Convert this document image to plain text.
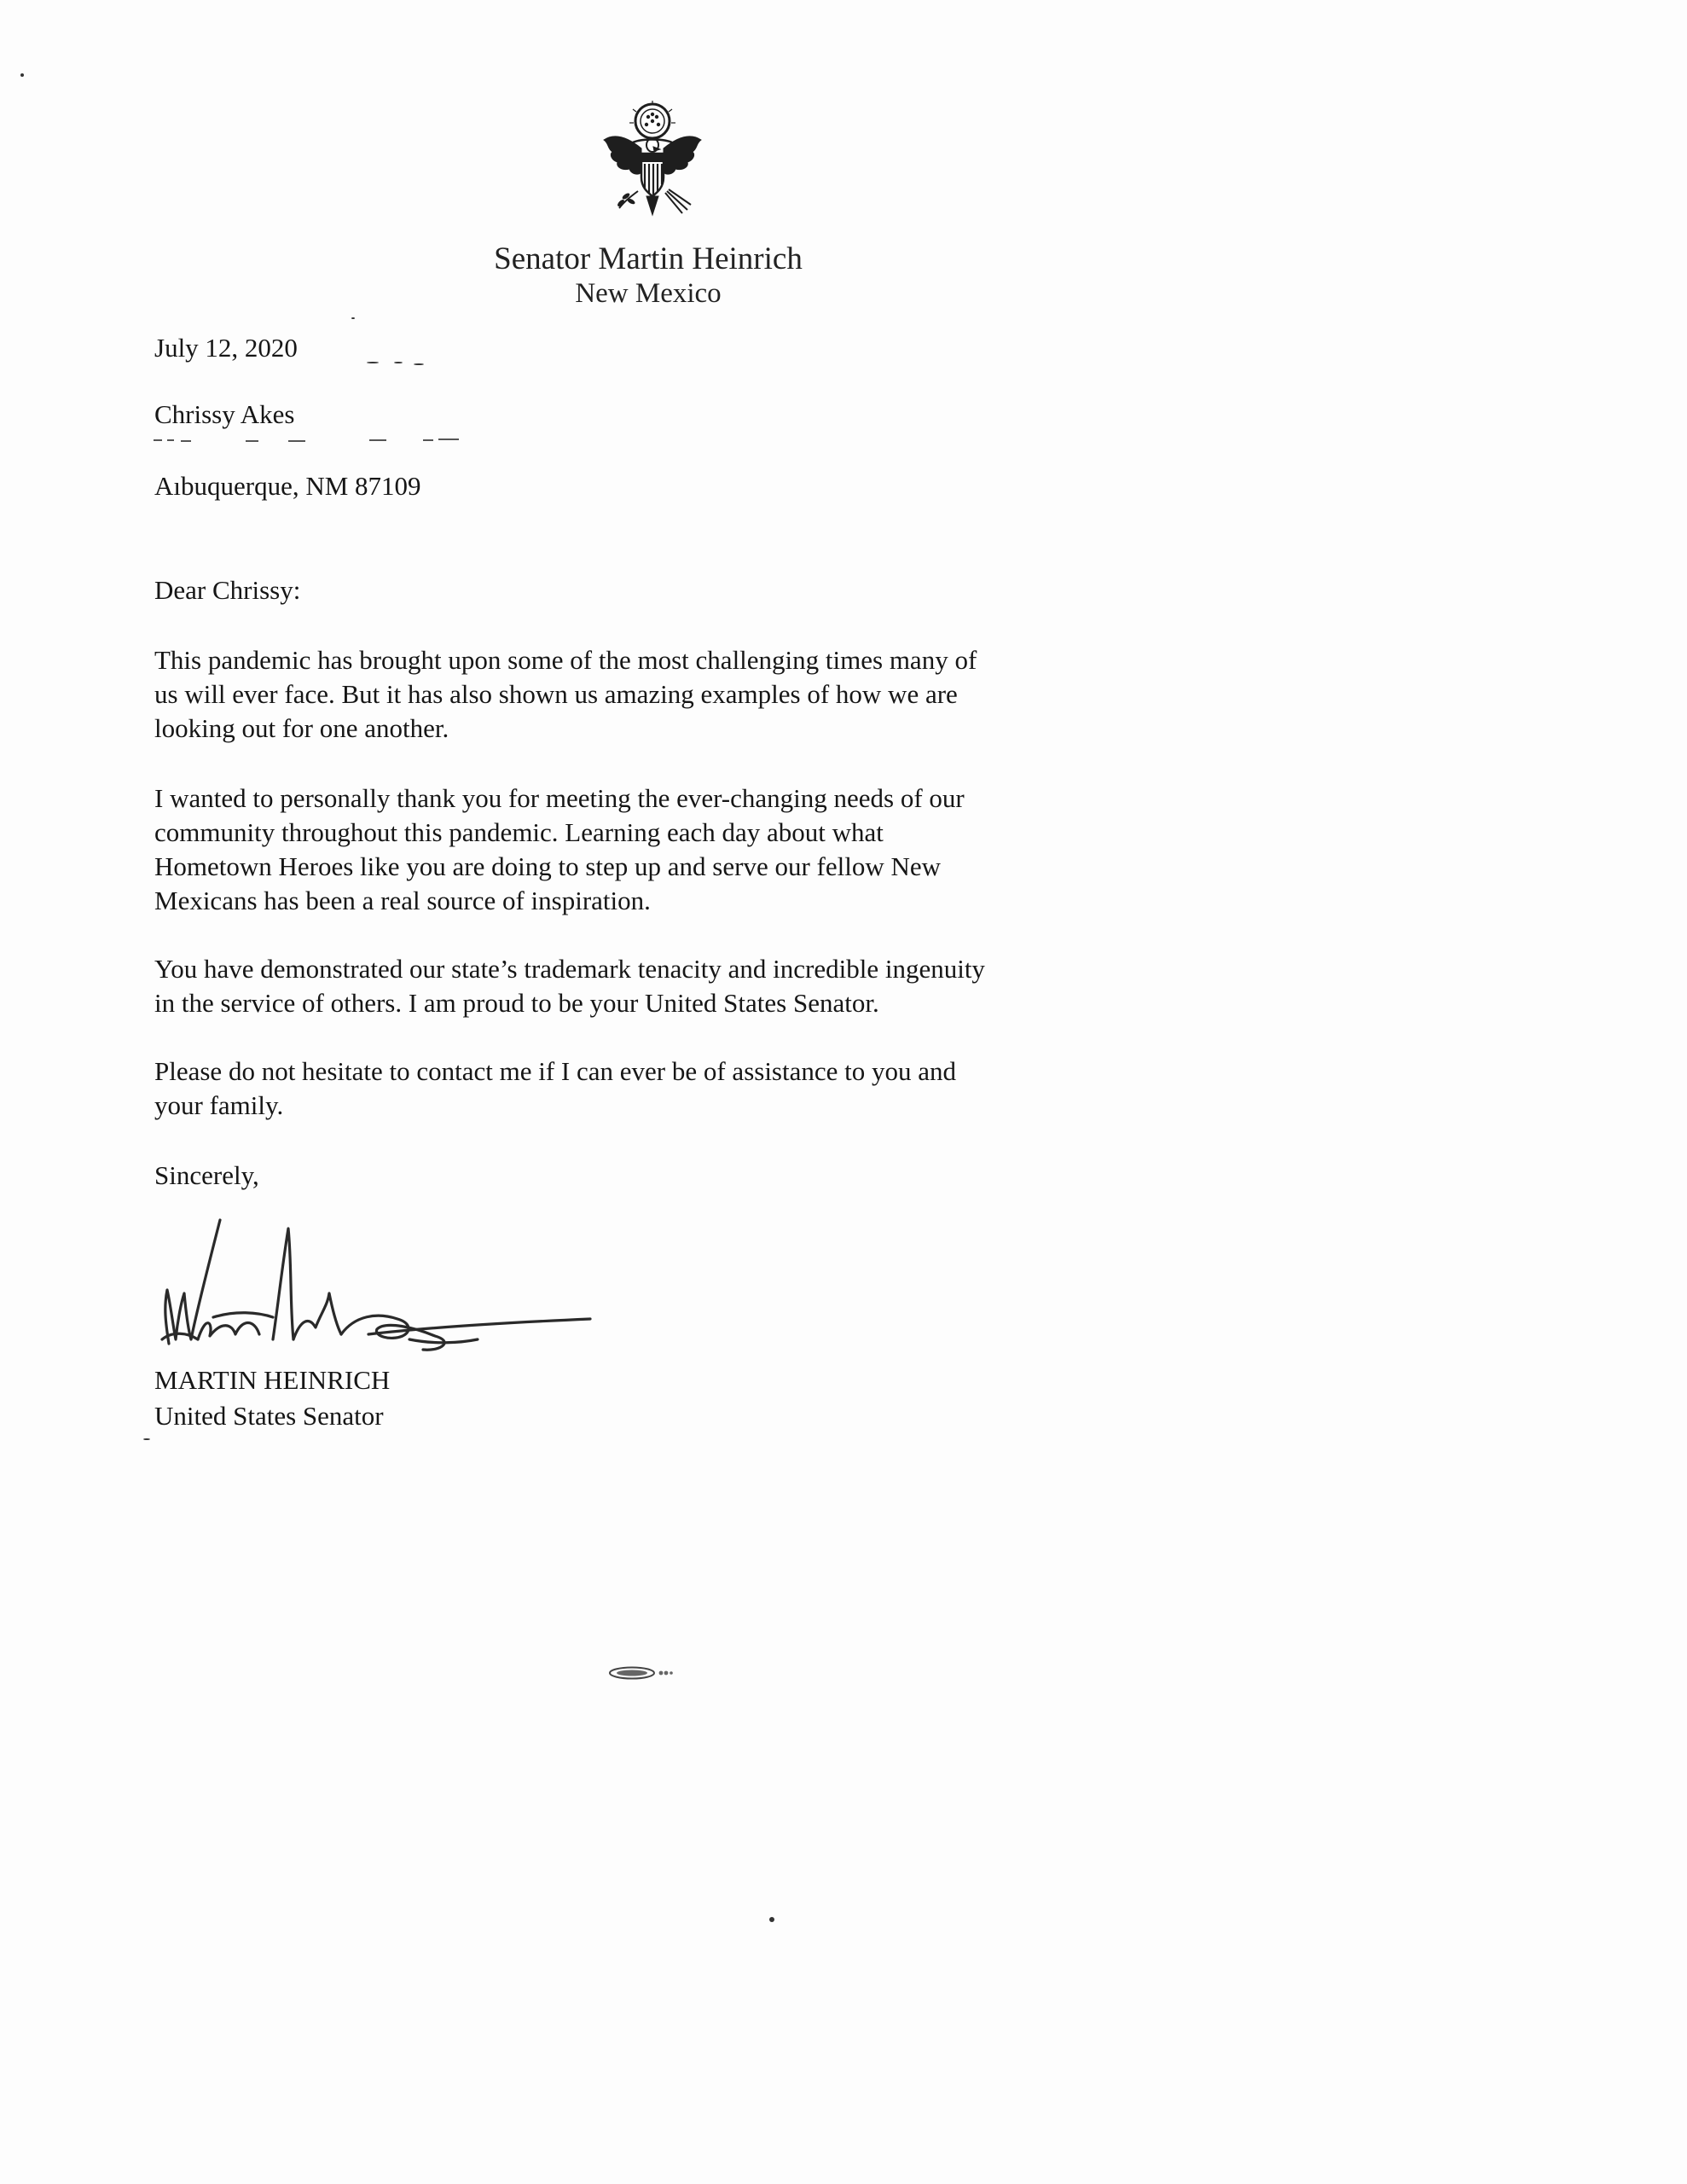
Senator Martin Heinrich
New Mexico
July 12, 2020
Chrissy Akes
Aıbuquerque, NM 87109
Dear Chrissy:
This pandemic has brought upon some of the most challenging times many of
us will ever face. But it has also shown us amazing examples of how we are
looking out for one another.
I wanted to personally thank you for meeting the ever-changing needs of our
community throughout this pandemic. Learning each day about what
Hometown Heroes like you are doing to step up and serve our fellow New
Mexicans has been a real source of inspiration.
You have demonstrated our state’s trademark tenacity and incredible ingenuity
in the service of others. I am proud to be your United States Senator.
Please do not hesitate to contact me if I can ever be of assistance to you and
your family.
Sincerely,
MARTIN HEINRICH
United States Senator
